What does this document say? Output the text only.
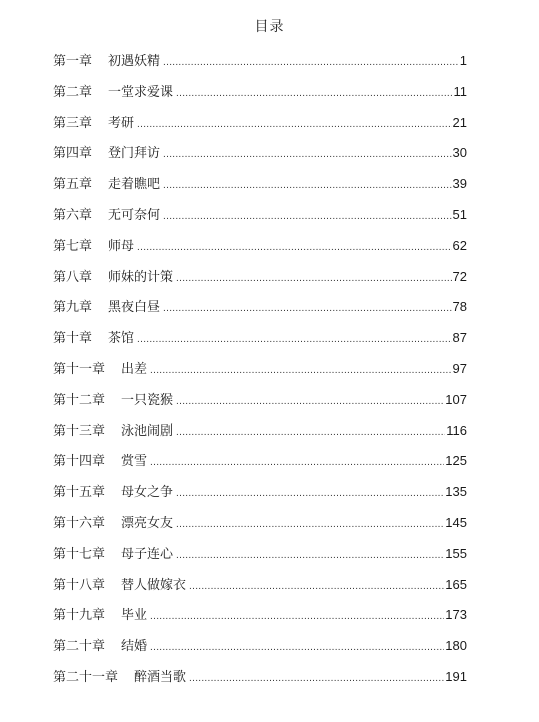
目录
第一章	初遇妖精 .....	1
第二章	一堂求爱课 .....	11
第三章	考研 .....	21
第四章	登门拜访 .....	30
第五章	走着瞧吧 .....	39
第六章	无可奈何 .....	51
第七章	师母 .....	62
第八章	师妹的计策 .....	72
第九章	黑夜白昼 .....	78
第十章	茶馆 .....	87
第十一章	出差 .....	97
第十二章	一只瓷猴 .....	107
第十三章	泳池闹剧 .....	116
第十四章	赏雪 .....	125
第十五章	母女之争 .....	135
第十六章	漂亮女友 .....	145
第十七章	母子连心 .....	155
第十八章	替人做嫁衣 .....	165
第十九章	毕业 .....	173
第二十章	结婚 .....	180
第二十一章	醉酒当歌 .....	191
